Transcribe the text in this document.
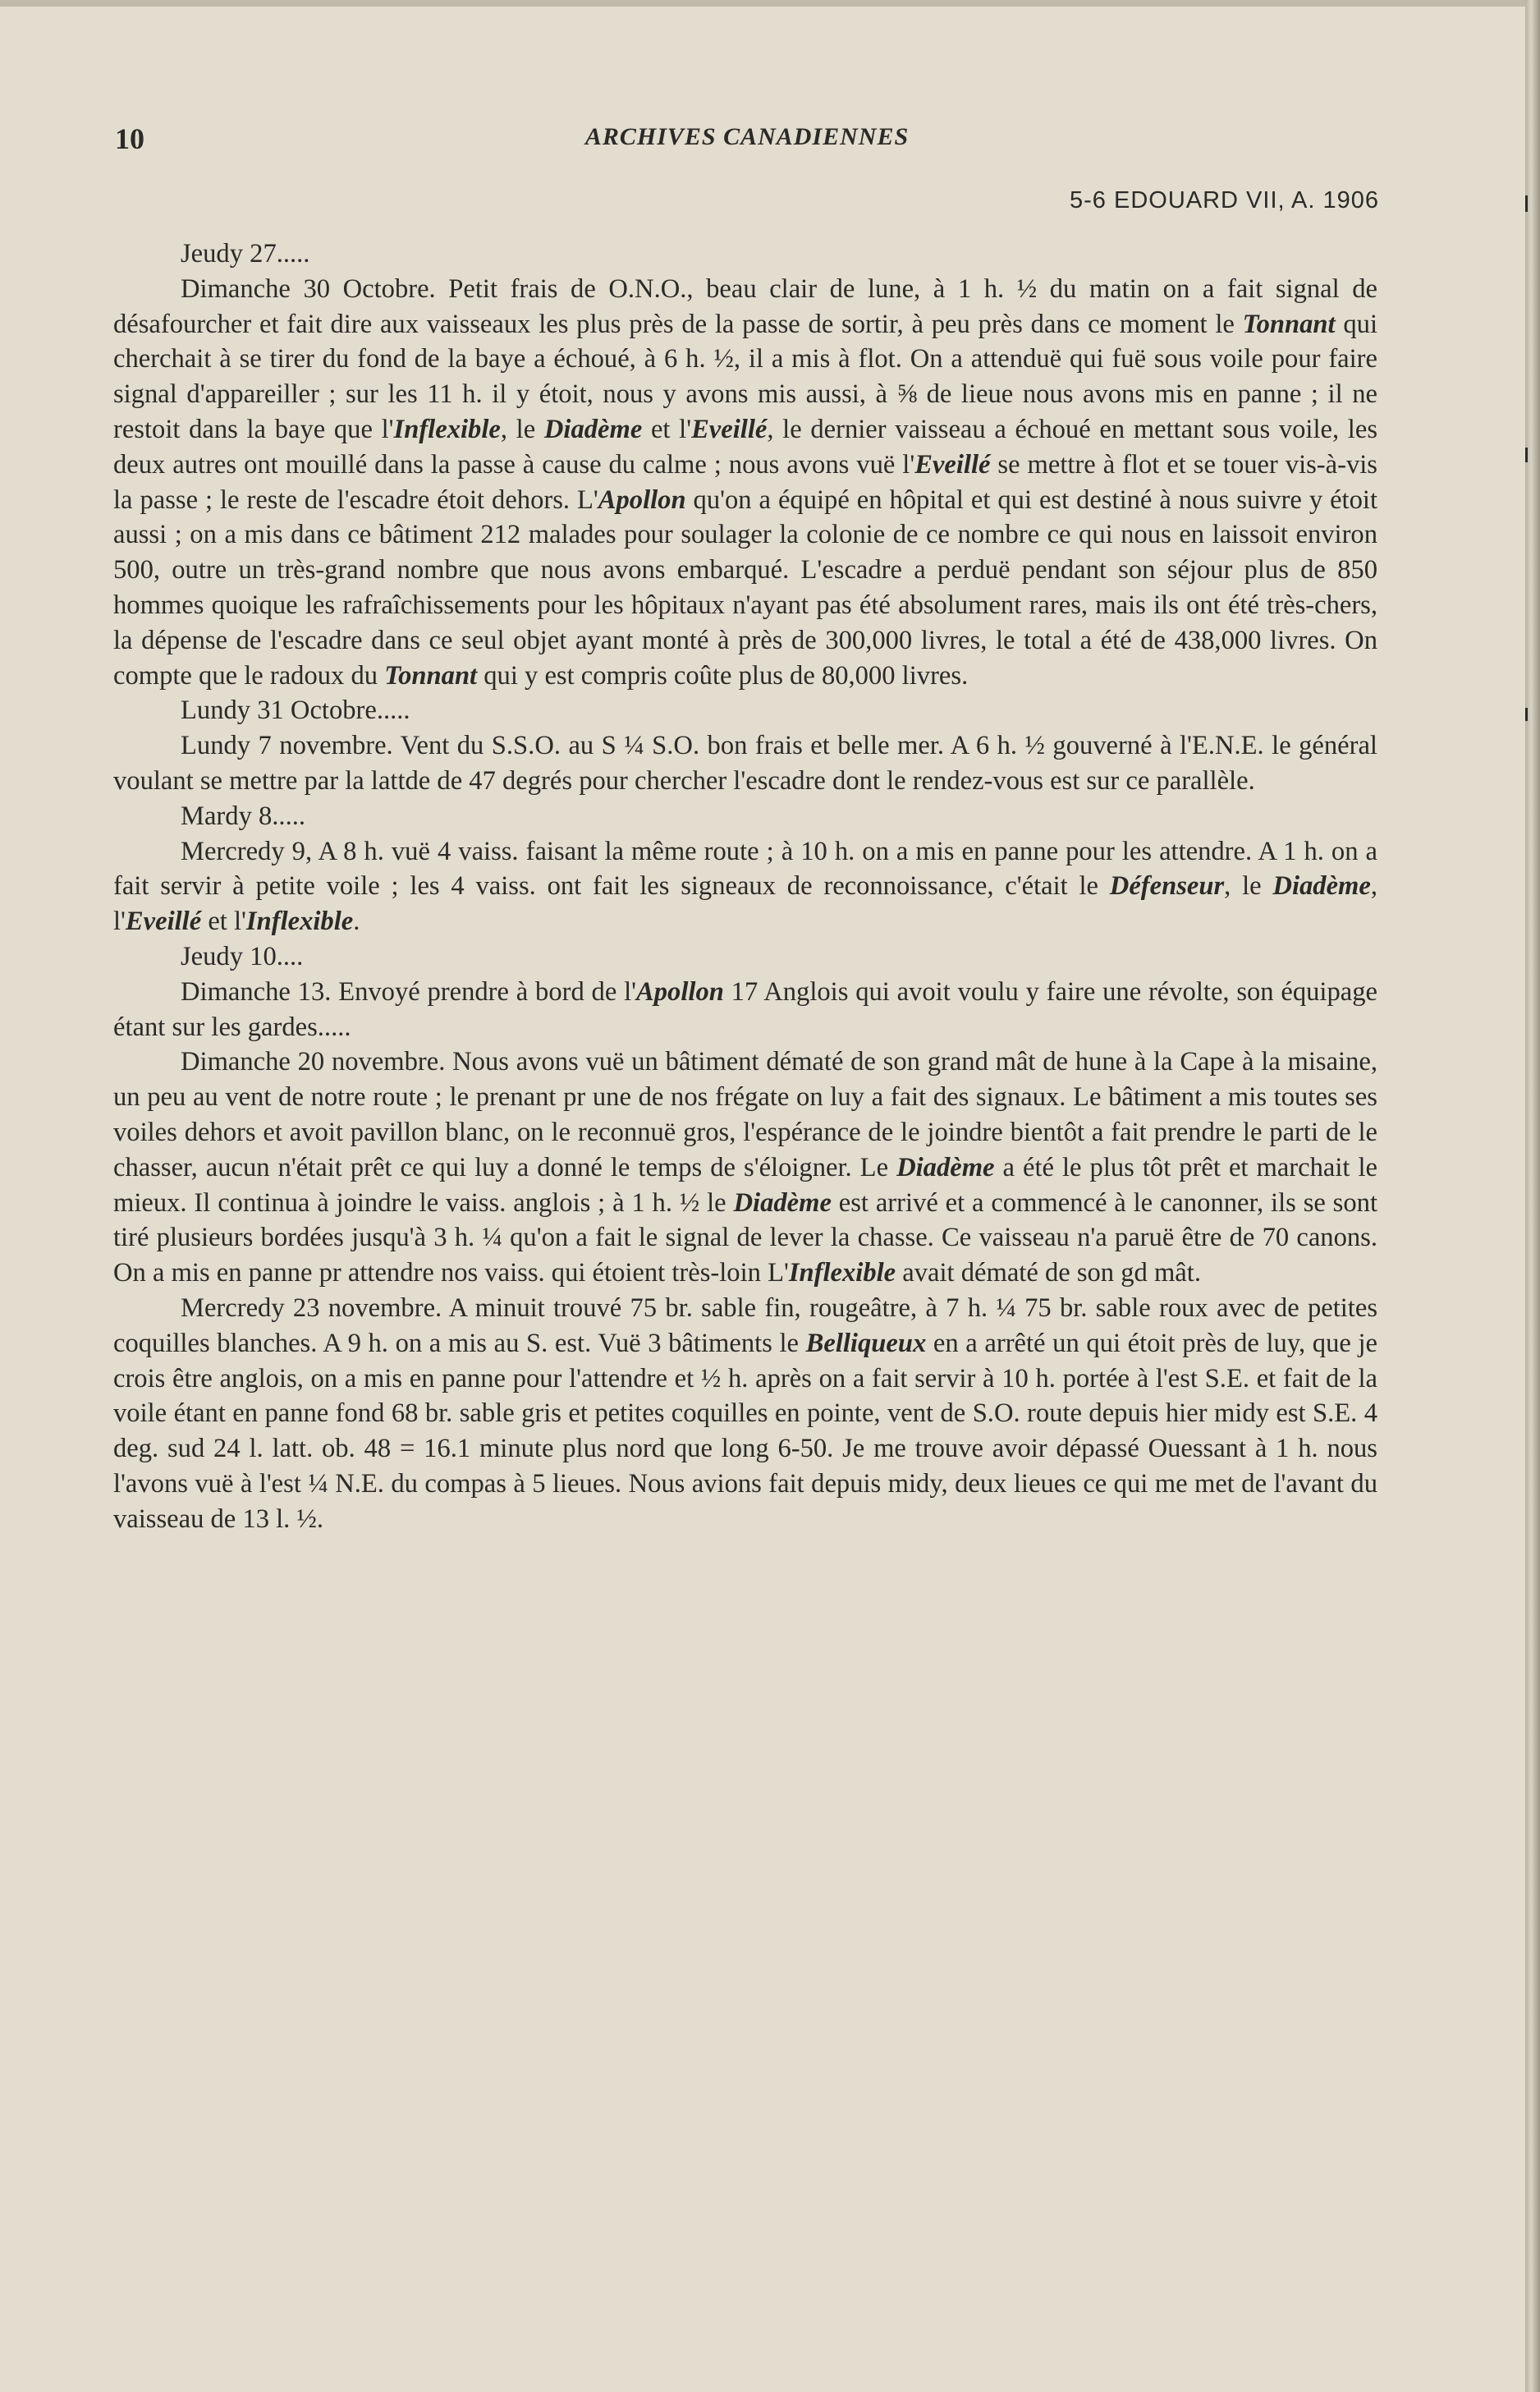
10	ARCHIVES CANADIENNES
5-6 EDOUARD VII, A. 1906

Jeudy 27.....

Dimanche 30 Octobre. Petit frais de O.N.O., beau clair de lune, à 1 h. ½ du matin on a fait signal de désafourcher et fait dire aux vaisseaux les plus près de la passe de sortir, à peu près dans ce moment le Tonnant qui cherchait à se tirer du fond de la baye a échoué, à 6 h. ½, il a mis à flot. On a attenduë qui fuë sous voile pour faire signal d'appareiller ; sur les 11 h. il y étoit, nous y avons mis aussi, à ⅝ de lieue nous avons mis en panne ; il ne restoit dans la baye que l'Inflexible, le Diadème et l'Eveillé, le dernier vaisseau a échoué en mettant sous voile, les deux autres ont mouillé dans la passe à cause du calme ; nous avons vuë l'Eveillé se mettre à flot et se touer vis-à-vis la passe ; le reste de l'escadre étoit dehors. L'Apollon qu'on a équipé en hôpital et qui est destiné à nous suivre y étoit aussi ; on a mis dans ce bâtiment 212 malades pour soulager la colonie de ce nombre ce qui nous en laissoit environ 500, outre un très-grand nombre que nous avons embarqué. L'escadre a perduë pendant son séjour plus de 850 hommes quoique les rafraîchissements pour les hôpitaux n'ayant pas été absolument rares, mais ils ont été très-chers, la dépense de l'escadre dans ce seul objet ayant monté à près de 300,000 livres, le total a été de 438,000 livres. On compte que le radoux du Tonnant qui y est compris coûte plus de 80,000 livres.

Lundy 31 Octobre.....

Lundy 7 novembre. Vent du S.S.O. au S ¼ S.O. bon frais et belle mer. A 6 h. ½ gouverné à l'E.N.E. le général voulant se mettre par la lattde de 47 degrés pour chercher l'escadre dont le rendez-vous est sur ce parallèle.

Mardy 8.....

Mercredy 9, A 8 h. vuë 4 vaiss. faisant la même route ; à 10 h. on a mis en panne pour les attendre. A 1 h. on a fait servir à petite voile ; les 4 vaiss. ont fait les signeaux de reconnoissance, c'était le Défenseur, le Diadème, l'Eveillé et l'Inflexible.

Jeudy 10....

Dimanche 13. Envoyé prendre à bord de l'Apollon 17 Anglois qui avoit voulu y faire une révolte, son équipage étant sur les gardes.....

Dimanche 20 novembre. Nous avons vuë un bâtiment dématé de son grand mât de hune à la Cape à la misaine, un peu au vent de notre route ; le prenant pr une de nos frégate on luy a fait des signaux. Le bâtiment a mis toutes ses voiles dehors et avoit pavillon blanc, on le reconnuë gros, l'espérance de le joindre bientôt a fait prendre le parti de le chasser, aucun n'était prêt ce qui luy a donné le temps de s'éloigner. Le Diadème a été le plus tôt prêt et marchait le mieux. Il continua à joindre le vaiss. anglois ; à 1 h. ½ le Diadème est arrivé et a commencé à le canonner, ils se sont tiré plusieurs bordées jusqu'à 3 h. ¼ qu'on a fait le signal de lever la chasse. Ce vaisseau n'a paruë être de 70 canons. On a mis en panne pr attendre nos vaiss. qui étoient très-loin L'Inflexible avait dématé de son gd mât.

Mercredy 23 novembre. A minuit trouvé 75 br. sable fin, rougeâtre, à 7 h. ¼ 75 br. sable roux avec de petites coquilles blanches. A 9 h. on a mis au S. est. Vuë 3 bâtiments le Belliqueux en a arrêté un qui étoit près de luy, que je crois être anglois, on a mis en panne pour l'attendre et ½ h. après on a fait servir à 10 h. portée à l'est S.E. et fait de la voile étant en panne fond 68 br. sable gris et petites coquilles en pointe, vent de S.O. route depuis hier midy est S.E. 4 deg. sud 24 l. latt. ob. 48 = 16.1 minute plus nord que long 6-50. Je me trouve avoir dépassé Ouessant à 1 h. nous l'avons vuë à l'est ¼ N.E. du compas à 5 lieues. Nous avions fait depuis midy, deux lieues ce qui me met de l'avant du vaisseau de 13 l. ½.
